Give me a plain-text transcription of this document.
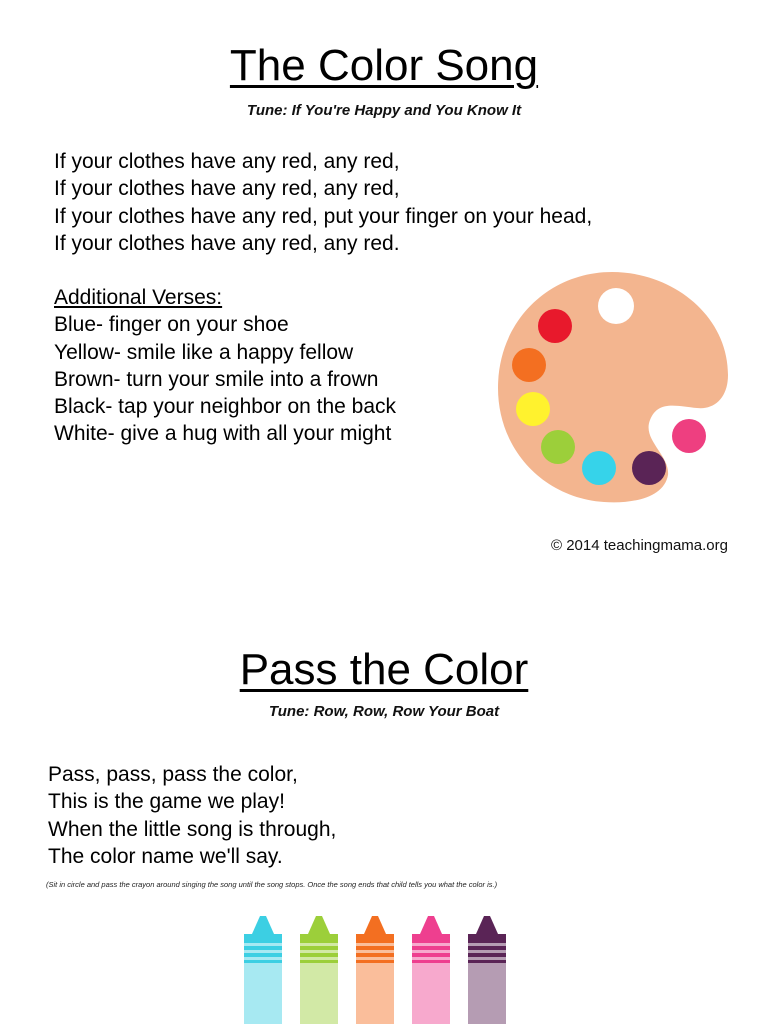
The Color Song
Tune: If You're Happy and You Know It
If your clothes have any red, any red,
If your clothes have any red, any red,
If your clothes have any red, put your finger on your head,
If your clothes have any red, any red.
Additional Verses:
Blue- finger on your shoe
Yellow- smile like a happy fellow
Brown- turn your smile into a frown
Black- tap your neighbor on the back
White- give a hug with all your might
© 2014 teachingmama.org
Pass the Color
Tune: Row, Row, Row Your Boat
Pass, pass, pass the color,
This is the game we play!
When the little song is through,
The color name we'll say.
(Sit in circle and pass the crayon around singing the song until the song stops. Once the song ends that child tells you what the color is.)
